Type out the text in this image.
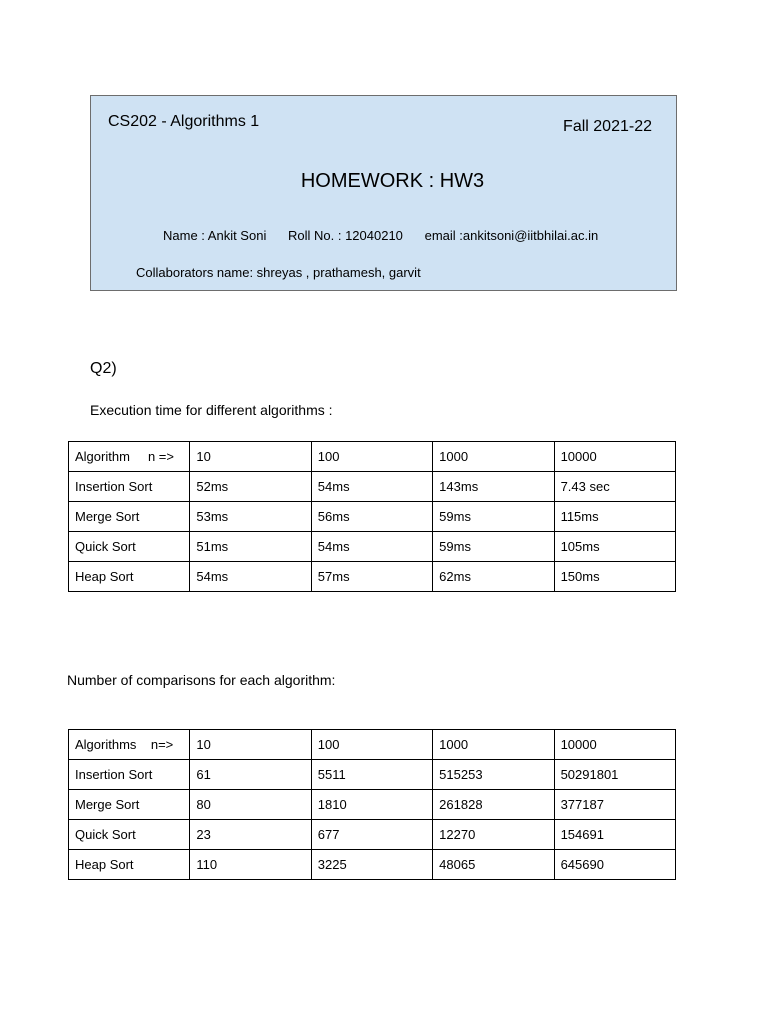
CS202 - Algorithms 1	Fall 2021-22
HOMEWORK : HW3
Name : Ankit Soni Roll No. : 12040210 email :ankitsoni@iitbhilai.ac.in
Collaborators name: shreyas , prathamesh, garvit
Q2)
Execution time for different algorithms :
Algorithm     n =>	10	100	1000	10000
Insertion Sort	52ms	54ms	143ms	7.43 sec
Merge Sort	53ms	56ms	59ms	115ms
Quick Sort	51ms	54ms	59ms	105ms
Heap Sort	54ms	57ms	62ms	150ms
Number of comparisons for each algorithm:
Algorithms    n=>	10	100	1000	10000
Insertion Sort	61	5511	515253	50291801
Merge Sort	80	1810	261828	377187
Quick Sort	23	677	12270	154691
Heap Sort	110	3225	48065	645690
